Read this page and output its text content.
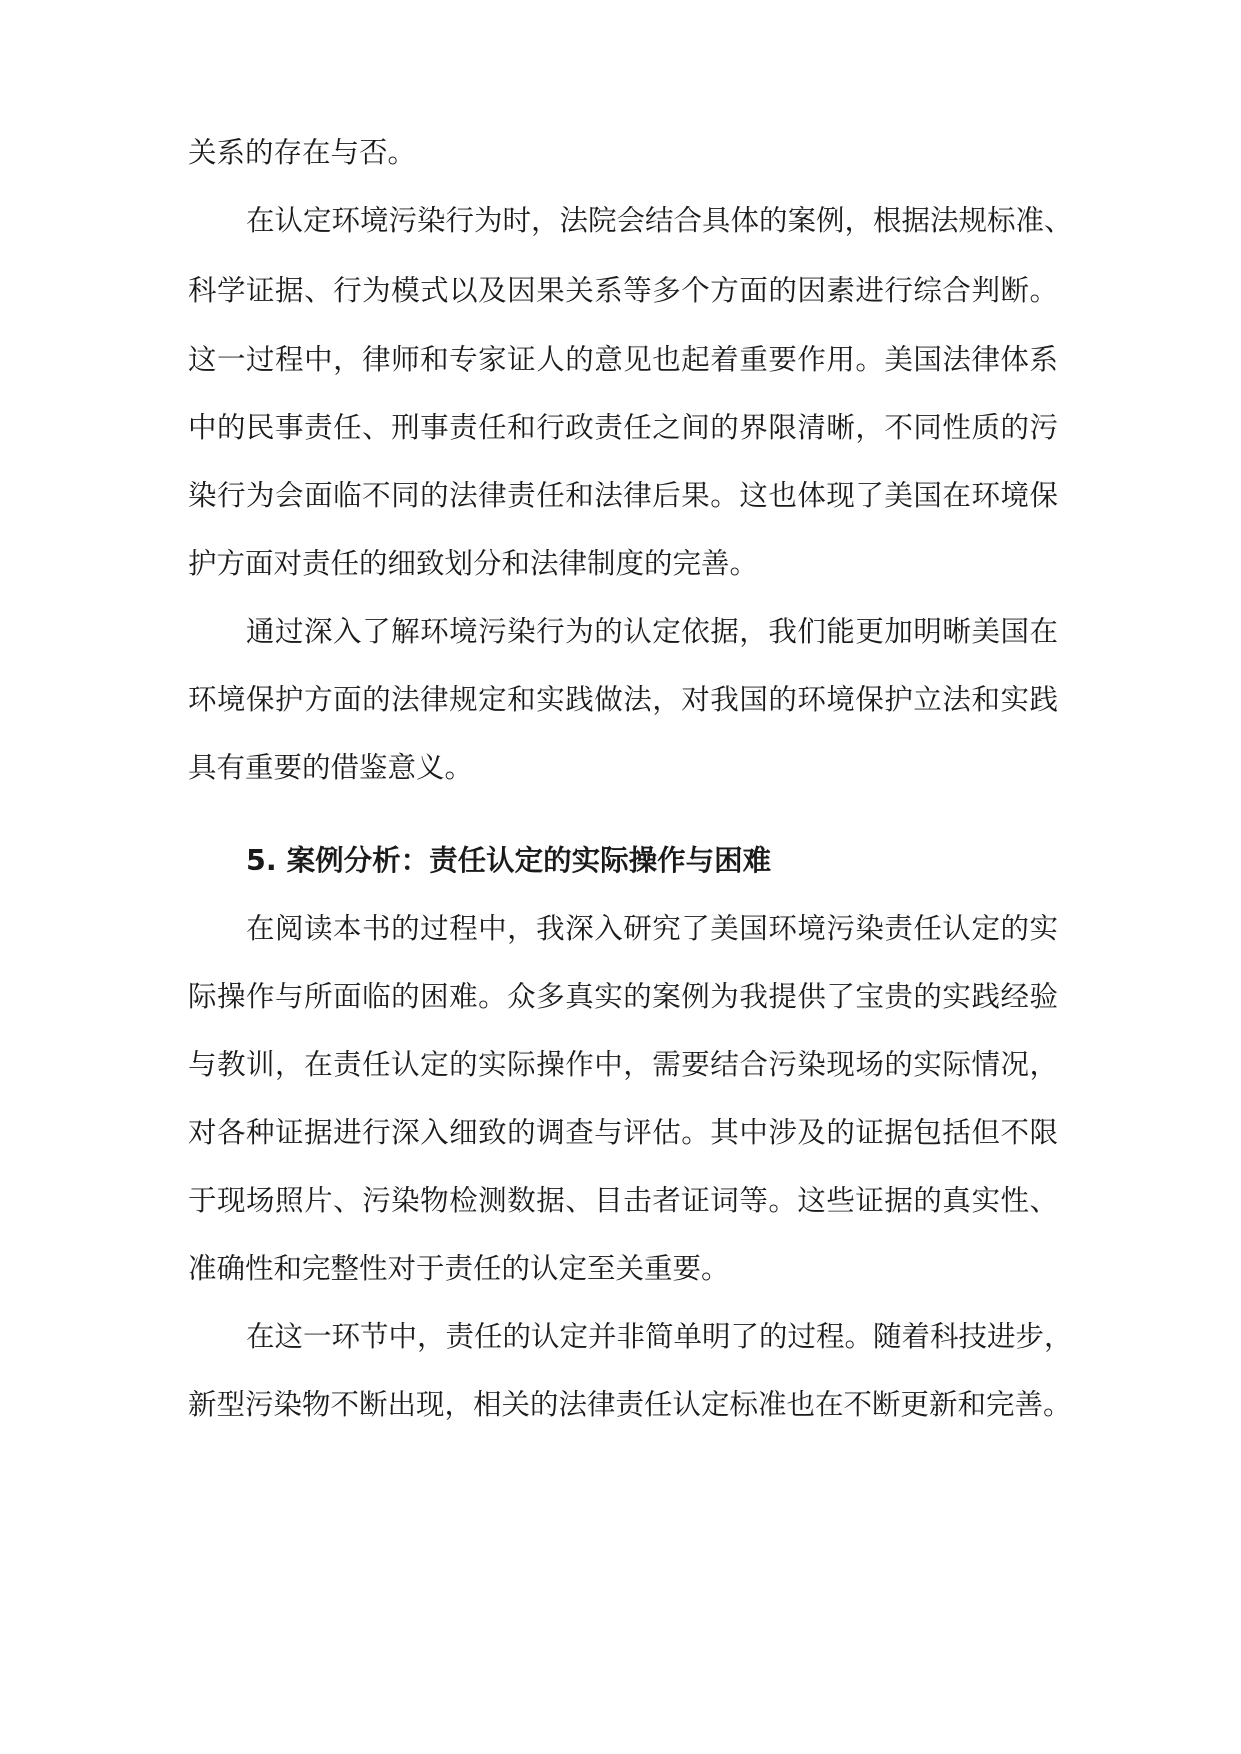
关系的存在与否。
在认定环境污染行为时，法院会结合具体的案例，根据法规标准、
科学证据、行为模式以及因果关系等多个方面的因素进行综合判断。
这一过程中，律师和专家证人的意见也起着重要作用。美国法律体系
中的民事责任、刑事责任和行政责任之间的界限清晰，不同性质的污
染行为会面临不同的法律责任和法律后果。这也体现了美国在环境保
护方面对责任的细致划分和法律制度的完善。
通过深入了解环境污染行为的认定依据，我们能更加明晰美国在
环境保护方面的法律规定和实践做法，对我国的环境保护立法和实践
具有重要的借鉴意义。
5. 案例分析：责任认定的实际操作与困难
在阅读本书的过程中，我深入研究了美国环境污染责任认定的实
际操作与所面临的困难。众多真实的案例为我提供了宝贵的实践经验
与教训，在责任认定的实际操作中，需要结合污染现场的实际情况，
对各种证据进行深入细致的调查与评估。其中涉及的证据包括但不限
于现场照片、污染物检测数据、目击者证词等。这些证据的真实性、
准确性和完整性对于责任的认定至关重要。
在这一环节中，责任的认定并非简单明了的过程。随着科技进步，
新型污染物不断出现，相关的法律责任认定标准也在不断更新和完善。
